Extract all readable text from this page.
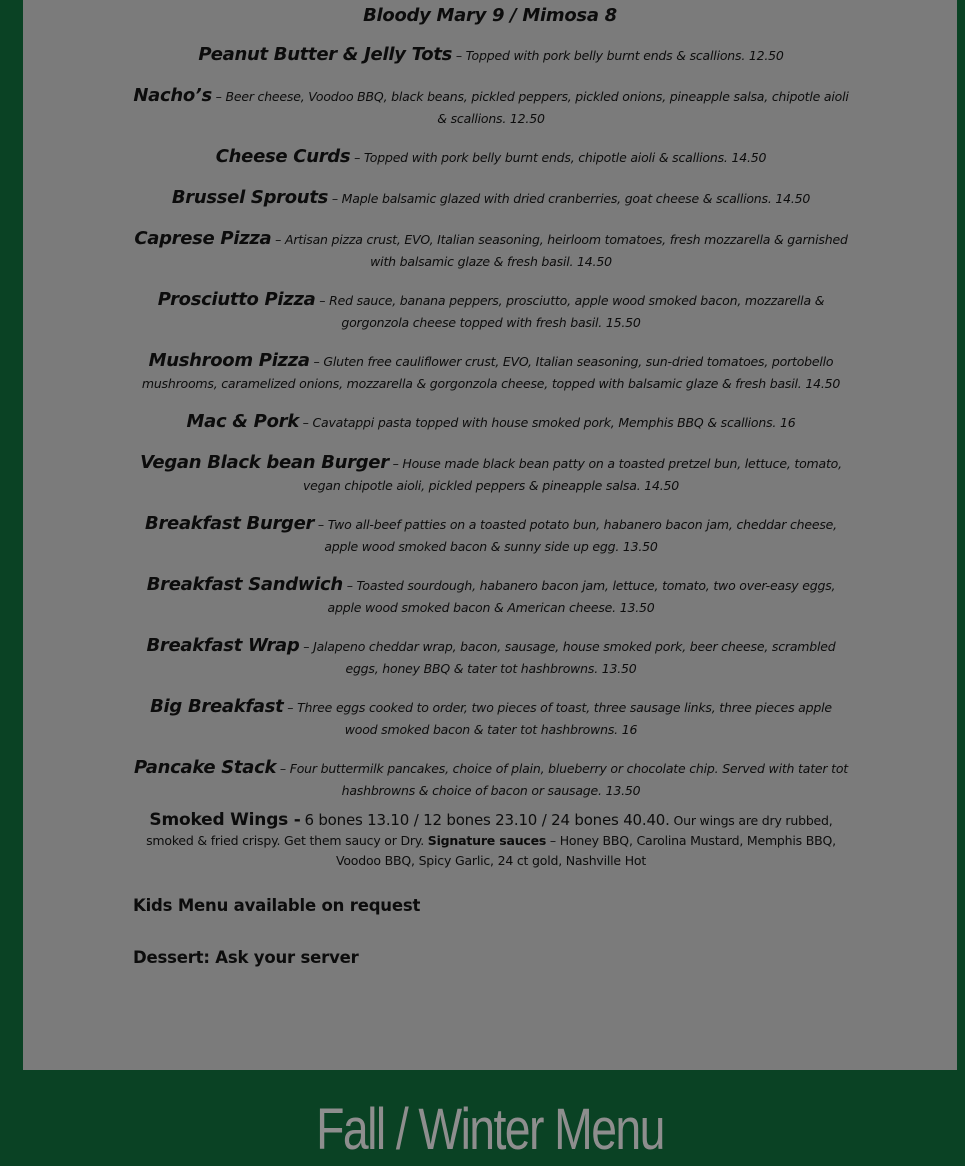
Bloody Mary 9 / Mimosa 8
Peanut Butter & Jelly Tots – Topped with pork belly burnt ends & scallions. 12.50
Nacho’s – Beer cheese, Voodoo BBQ, black beans, pickled peppers, pickled onions, pineapple salsa, chipotle aioli & scallions. 12.50
Cheese Curds – Topped with pork belly burnt ends, chipotle aioli & scallions. 14.50
Brussel Sprouts – Maple balsamic glazed with dried cranberries, goat cheese & scallions. 14.50
Caprese Pizza – Artisan pizza crust, EVO, Italian seasoning, heirloom tomatoes, fresh mozzarella & garnished with balsamic glaze & fresh basil. 14.50
Prosciutto Pizza – Red sauce, banana peppers, prosciutto, apple wood smoked bacon, mozzarella & gorgonzola cheese topped with fresh basil. 15.50
Mushroom Pizza – Gluten free cauliflower crust, EVO, Italian seasoning, sun-dried tomatoes, portobello mushrooms, caramelized onions, mozzarella & gorgonzola cheese, topped with balsamic glaze & fresh basil. 14.50
Mac & Pork – Cavatappi pasta topped with house smoked pork, Memphis BBQ & scallions. 16
Vegan Black bean Burger – House made black bean patty on a toasted pretzel bun, lettuce, tomato, vegan chipotle aioli, pickled peppers & pineapple salsa. 14.50
Breakfast Burger – Two all-beef patties on a toasted potato bun, habanero bacon jam, cheddar cheese, apple wood smoked bacon & sunny side up egg. 13.50
Breakfast Sandwich – Toasted sourdough, habanero bacon jam, lettuce, tomato, two over-easy eggs, apple wood smoked bacon & American cheese. 13.50
Breakfast Wrap – Jalapeno cheddar wrap, bacon, sausage, house smoked pork, beer cheese, scrambled eggs, honey BBQ & tater tot hashbrowns. 13.50
Big Breakfast – Three eggs cooked to order, two pieces of toast, three sausage links, three pieces apple wood smoked bacon & tater tot hashbrowns. 16
Pancake Stack – Four buttermilk pancakes, choice of plain, blueberry or chocolate chip. Served with tater tot hashbrowns & choice of bacon or sausage. 13.50
Smoked Wings - 6 bones 13.10 / 12 bones 23.10 / 24 bones 40.40. Our wings are dry rubbed, smoked & fried crispy. Get them saucy or Dry. Signature sauces – Honey BBQ, Carolina Mustard, Memphis BBQ, Voodoo BBQ, Spicy Garlic, 24 ct gold, Nashville Hot
Kids Menu available on request
Dessert: Ask your server
Fall / Winter Menu
